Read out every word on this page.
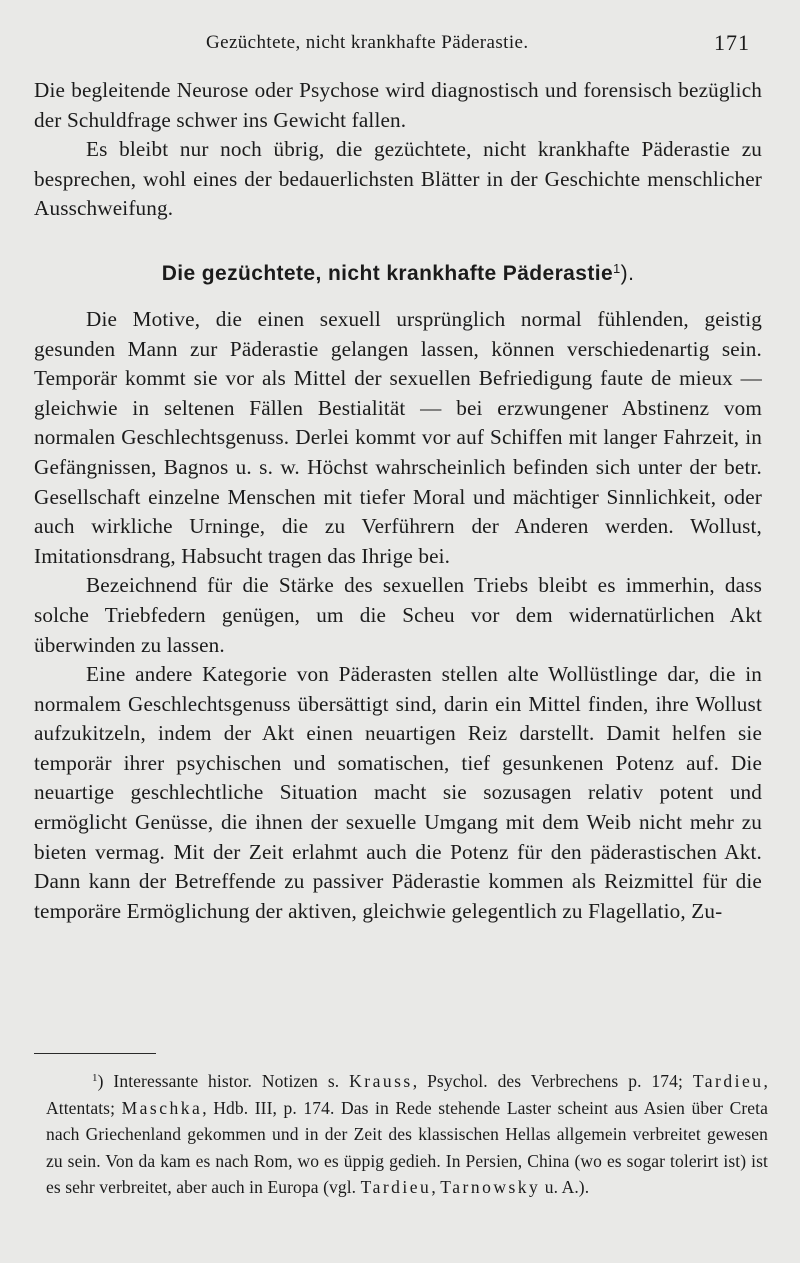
Gezüchtete, nicht krankhafte Päderastie.	171

Die begleitende Neurose oder Psychose wird diagnostisch und forensisch bezüglich der Schuldfrage schwer ins Gewicht fallen.

Es bleibt nur noch übrig, die gezüchtete, nicht krankhafte Päderastie zu besprechen, wohl eines der bedauerlichsten Blätter in der Geschichte menschlicher Ausschweifung.

Die gezüchtete, nicht krankhafte Päderastie$^1$).

Die Motive, die einen sexuell ursprünglich normal fühlenden, geistig gesunden Mann zur Päderastie gelangen lassen, können verschiedenartig sein. Temporär kommt sie vor als Mittel der sexuellen Befriedigung faute de mieux — gleichwie in seltenen Fällen Bestialität — bei erzwungener Abstinenz vom normalen Geschlechtsgenuss. Derlei kommt vor auf Schiffen mit langer Fahrzeit, in Gefängnissen, Bagnos u. s. w. Höchst wahrscheinlich befinden sich unter der betr. Gesellschaft einzelne Menschen mit tiefer Moral und mächtiger Sinnlichkeit, oder auch wirkliche Urninge, die zu Verführern der Anderen werden. Wollust, Imitationsdrang, Habsucht tragen das Ihrige bei.

Bezeichnend für die Stärke des sexuellen Triebs bleibt es immerhin, dass solche Triebfedern genügen, um die Scheu vor dem widernatürlichen Akt überwinden zu lassen.

Eine andere Kategorie von Päderasten stellen alte Wollüstlinge dar, die in normalem Geschlechtsgenuss übersättigt sind, darin ein Mittel finden, ihre Wollust aufzukitzeln, indem der Akt einen neuartigen Reiz darstellt. Damit helfen sie temporär ihrer psychischen und somatischen, tief gesunkenen Potenz auf. Die neuartige geschlechtliche Situation macht sie sozusagen relativ potent und ermöglicht Genüsse, die ihnen der sexuelle Umgang mit dem Weib nicht mehr zu bieten vermag. Mit der Zeit erlahmt auch die Potenz für den päderastischen Akt. Dann kann der Betreffende zu passiver Päderastie kommen als Reizmittel für die temporäre Ermöglichung der aktiven, gleichwie gelegentlich zu Flagellatio, Zu-

$^1$) Interessante histor. Notizen s. Krauss, Psychol. des Verbrechens p. 174; Tardieu, Attentats; Maschka, Hdb. III, p. 174. Das in Rede stehende Laster scheint aus Asien über Creta nach Griechenland gekommen und in der Zeit des klassischen Hellas allgemein verbreitet gewesen zu sein. Von da kam es nach Rom, wo es üppig gedieh. In Persien, China (wo es sogar tolerirt ist) ist es sehr verbreitet, aber auch in Europa (vgl. Tardieu, Tarnowsky u. A.).
